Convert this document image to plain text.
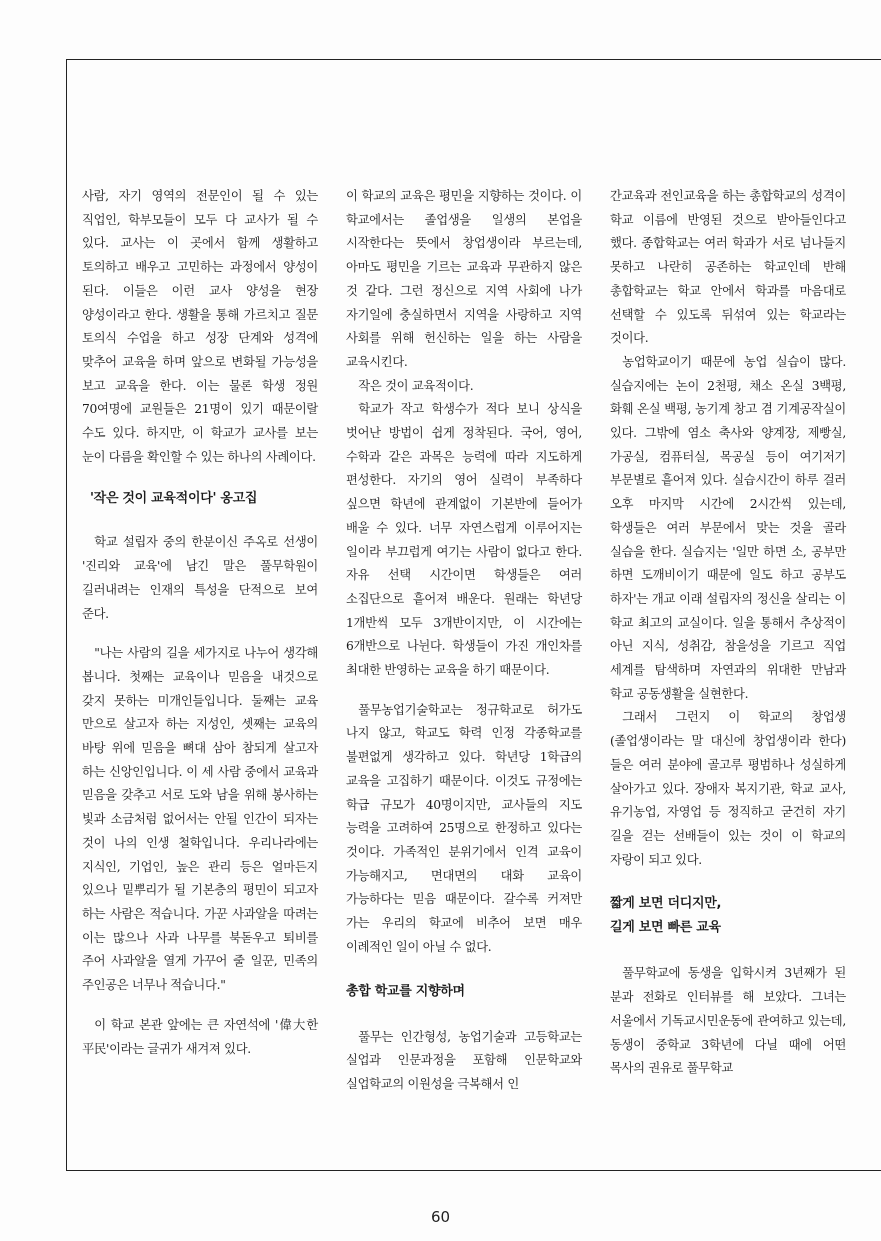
사람, 자기 영역의 전문인이 될 수 있는 직업인, 학부모들이 모두 다 교사가 될 수 있다. 교사는 이 곳에서 함께 생활하고 토의하고 배우고 고민하는 과정에서 양성이 된다. 이들은 이런 교사 양성을 현장 양성이라고 한다. 생활을 통해 가르치고 질문 토의식 수업을 하고 성장 단계와 성격에 맞추어 교육을 하며 앞으로 변화될 가능성을 보고 교육을 한다. 이는 물론 학생 정원 70여명에 교원들은 21명이 있기 때문이랄 수도 있다. 하지만, 이 학교가 교사를 보는 눈이 다름을 확인할 수 있는 하나의 사례이다.

'작은 것이 교육적이다' 옹고집

학교 설립자 중의 한분이신 주옥로 선생이 '진리와 교육'에 남긴 말은 풀무학원이 길러내려는 인재의 특성을 단적으로 보여 준다.

"나는 사람의 길을 세가지로 나누어 생각해 봅니다. 첫째는 교육이나 믿음을 내것으로 갖지 못하는 미개인들입니다. 둘째는 교육 만으로 살고자 하는 지성인, 셋째는 교육의 바탕 위에 믿음을 뼈대 삼아 참되게 살고자 하는 신앙인입니다. 이 세 사람 중에서 교육과 믿음을 갖추고 서로 도와 남을 위해 봉사하는 빛과 소금처럼 없어서는 안될 인간이 되자는 것이 나의 인생 철학입니다. 우리나라에는 지식인, 기업인, 높은 관리 등은 얼마든지 있으나 밑뿌리가 될 기본층의 평민이 되고자 하는 사람은 적습니다. 가꾼 사과알을 따려는 이는 많으나 사과 나무를 북돋우고 퇴비를 주어 사과알을 열게 가꾸어 줄 일꾼, 민족의 주인공은 너무나 적습니다."

이 학교 본관 앞에는 큰 자연석에 '偉大한 平民'이라는 글귀가 새겨져 있다.

이 학교의 교육은 평민을 지향하는 것이다. 이 학교에서는 졸업생을 일생의 본업을 시작한다는 뜻에서 창업생이라 부르는데, 아마도 평민을 기르는 교육과 무관하지 않은 것 같다. 그런 정신으로 지역 사회에 나가 자기일에 충실하면서 지역을 사랑하고 지역 사회를 위해 헌신하는 일을 하는 사람을 교육시킨다.

작은 것이 교육적이다.

학교가 작고 학생수가 적다 보니 상식을 벗어난 방법이 쉽게 정착된다. 국어, 영어, 수학과 같은 과목은 능력에 따라 지도하게 편성한다. 자기의 영어 실력이 부족하다 싶으면 학년에 관계없이 기본반에 들어가 배울 수 있다. 너무 자연스럽게 이루어지는 일이라 부끄럽게 여기는 사람이 없다고 한다. 자유 선택 시간이면 학생들은 여러 소집단으로 흩어져 배운다. 원래는 학년당 1개반씩 모두 3개반이지만, 이 시간에는 6개반으로 나뉜다. 학생들이 가진 개인차를 최대한 반영하는 교육을 하기 때문이다.

풀무농업기술학교는 정규학교로 허가도 나지 않고, 학교도 학력 인정 각종학교를 불편없게 생각하고 있다. 학년당 1학급의 교육을 고집하기 때문이다. 이것도 규정에는 학급 규모가 40명이지만, 교사들의 지도 능력을 고려하여 25명으로 한정하고 있다는 것이다. 가족적인 분위기에서 인격 교육이 가능해지고, 면대면의 대화 교육이 가능하다는 믿음 때문이다. 갈수록 커져만 가는 우리의 학교에 비추어 보면 매우 이례적인 일이 아닐 수 없다.

총합 학교를 지향하며

풀무는 인간형성, 농업기술과 고등학교는 실업과 인문과정을 포함해 인문학교와 실업학교의 이원성을 극복해서 인

간교육과 전인교육을 하는 총합학교의 성격이 학교 이름에 반영된 것으로 받아들인다고 했다. 종합학교는 여러 학과가 서로 넘나들지 못하고 나란히 공존하는 학교인데 반해 총합학교는 학교 안에서 학과를 마음대로 선택할 수 있도록 뒤섞여 있는 학교라는 것이다.

농업학교이기 때문에 농업 실습이 많다. 실습지에는 논이 2천평, 채소 온실 3백평, 화훼 온실 백평, 농기계 창고 겸 기계공작실이 있다. 그밖에 염소 축사와 양계장, 제빵실, 가공실, 컴퓨터실, 목공실 등이 여기저기 부문별로 흩어져 있다. 실습시간이 하루 걸러 오후 마지막 시간에 2시간씩 있는데, 학생들은 여러 부문에서 맞는 것을 골라 실습을 한다. 실습지는 '일만 하면 소, 공부만 하면 도깨비이기 때문에 일도 하고 공부도 하자'는 개교 이래 설립자의 정신을 살리는 이 학교 최고의 교실이다. 일을 통해서 추상적이 아닌 지식, 성취감, 참을성을 기르고 직업 세계를 탐색하며 자연과의 위대한 만남과 학교 공동생활을 실현한다.

그래서 그런지 이 학교의 창업생(졸업생이라는 말 대신에 창업생이라 한다)들은 여러 분야에 골고루 평범하나 성실하게 살아가고 있다. 장애자 복지기관, 학교 교사, 유기농업, 자영업 등 정직하고 굳건히 자기 길을 걷는 선배들이 있는 것이 이 학교의 자랑이 되고 있다.

짧게 보면 더디지만,
길게 보면 빠른 교육

풀무학교에 동생을 입학시켜 3년째가 된 분과 전화로 인터뷰를 해 보았다. 그녀는 서울에서 기독교시민운동에 관여하고 있는데, 동생이 중학교 3학년에 다닐 때에 어떤 목사의 권유로 풀무학교

60
